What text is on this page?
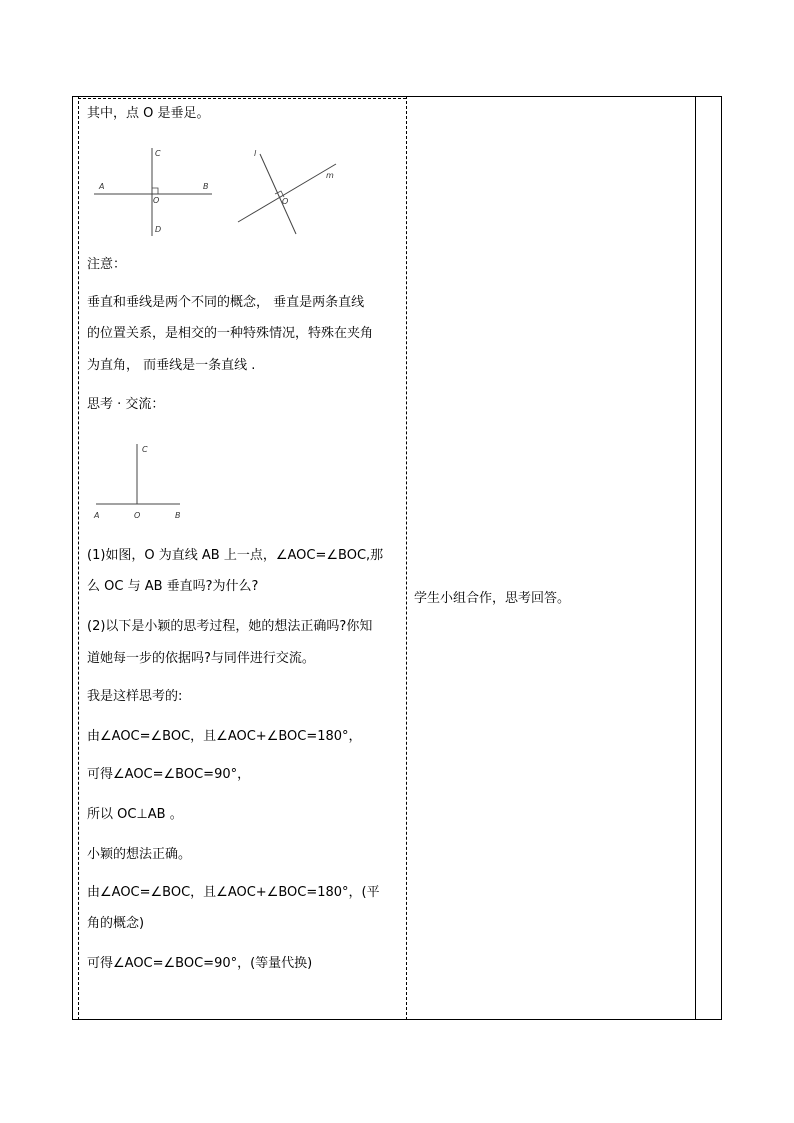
其中，点 O 是垂足。
A	B
C
D
O
l
m
O
注意：
垂直和垂线是两个不同的概念， 垂直是两条直线
的位置关系，是相交的一种特殊情况，特殊在夹角
为直角， 而垂线是一条直线 .
思考 · 交流：
A	O	B
C
(1)如图，O 为直线 AB 上一点，∠AOC=∠BOC,那
么 OC 与 AB 垂直吗?为什么?
(2)以下是小颖的思考过程，她的想法正确吗?你知
道她每一步的依据吗?与同伴进行交流。
我是这样思考的:
由∠AOC=∠BOC，且∠AOC+∠BOC=180°，
可得∠AOC=∠BOC=90°，
所以 OC⊥AB 。
小颖的想法正确。
由∠AOC=∠BOC，且∠AOC+∠BOC=180°，(平
角的概念)
可得∠AOC=∠BOC=90°，(等量代换)
学生小组合作，思考回答。
